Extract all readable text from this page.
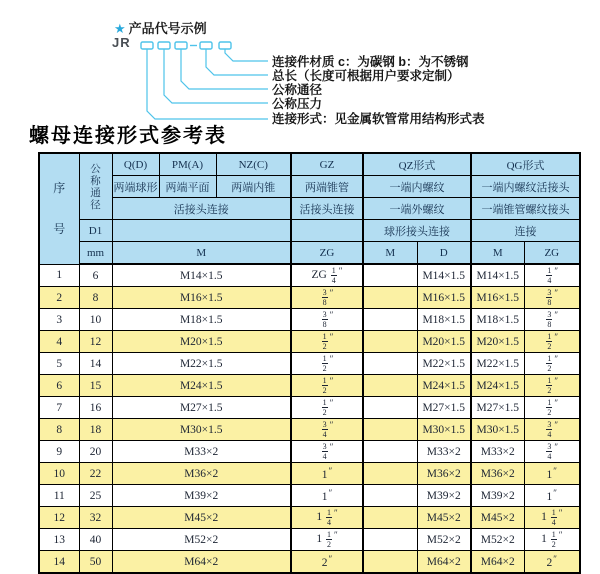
★ 产品代号示例
JR
连接件材质 c：为碳钢 b：为不锈钢
总长（长度可根据用户要求定制）
公称通径
公称压力
连接形式：见金属软管常用结构形式表
螺母连接形式参考表
序
号	公
称
通
径	Q(D)	PM(A)	NZ(C)	GZ	QZ形式		QG形式	
		两端球形	两端平面	两端内锥	两端锥管	一端内螺纹		一端内螺纹活接头	
		活接头连接			活接头连接	一端外螺纹		一端锥管螺纹接头	
	D1					球形接头连接		连接	
	mm	M			ZG	M	D	M	ZG
1	6	M14×1.5			ZG $\frac{1}{4} ''$		M14×1.5	M14×1.5	$\frac{1}{4} ''$
2	8	M16×1.5			$\frac{3}{8} ''$		M16×1.5	M16×1.5	$\frac{3}{8} ''$
3	10	M18×1.5			$\frac{3}{8} ''$		M18×1.5	M18×1.5	$\frac{3}{8} ''$
4	12	M20×1.5			$\frac{1}{2} ''$		M20×1.5	M20×1.5	$\frac{1}{2} ''$
5	14	M22×1.5			$\frac{1}{2} ''$		M22×1.5	M22×1.5	$\frac{1}{2} ''$
6	15	M24×1.5			$\frac{1}{2} ''$		M24×1.5	M24×1.5	$\frac{1}{2} ''$
7	16	M27×1.5			$\frac{1}{2} ''$		M27×1.5	M27×1.5	$\frac{1}{2} ''$
8	18	M30×1.5			$\frac{3}{4} ''$		M30×1.5	M30×1.5	$\frac{3}{4} ''$
9	20	M33×2			$\frac{3}{4} ''$		M33×2	M33×2	$\frac{3}{4} ''$
10	22	M36×2			1″		M36×2	M36×2	1″
11	25	M39×2			1″		M39×2	M39×2	1″
12	32	M45×2			$1 \frac{1}{4} ''$		M45×2	M45×2	$1 \frac{1}{4} ''$
13	40	M52×2			$1 \frac{1}{2} ''$		M52×2	M52×2	$1 \frac{1}{2} ''$
14	50	M64×2			2″		M64×2	M64×2	2″
